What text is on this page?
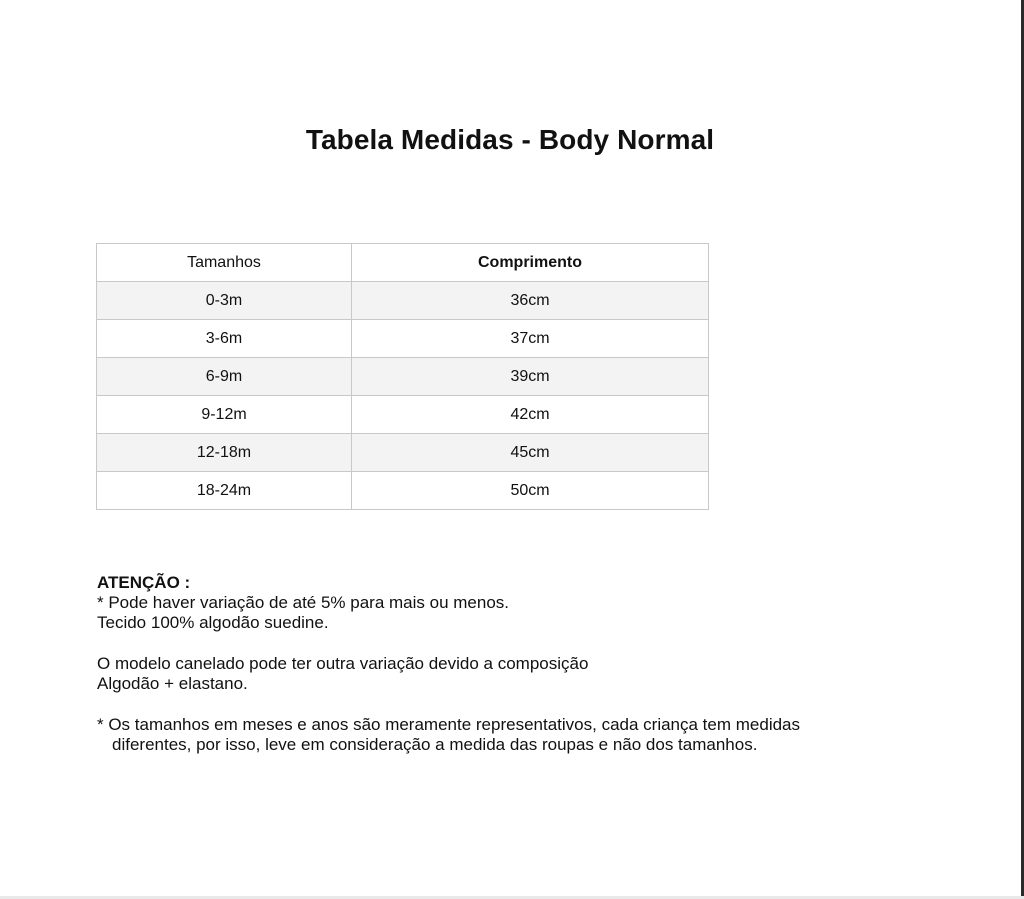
Tabela Medidas - Body Normal
Tamanhos	Comprimento
0-3m	36cm
3-6m	37cm
6-9m	39cm
9-12m	42cm
12-18m	45cm
18-24m	50cm

ATENÇÃO :

* Pode haver variação de até 5% para mais ou menos.

Tecido 100% algodão suedine.

O modelo canelado pode ter outra variação devido a composição

Algodão + elastano.

* Os tamanhos em meses e anos são meramente representativos, cada criança tem medidas

diferentes, por isso, leve em consideração a medida das roupas e não dos tamanhos.
